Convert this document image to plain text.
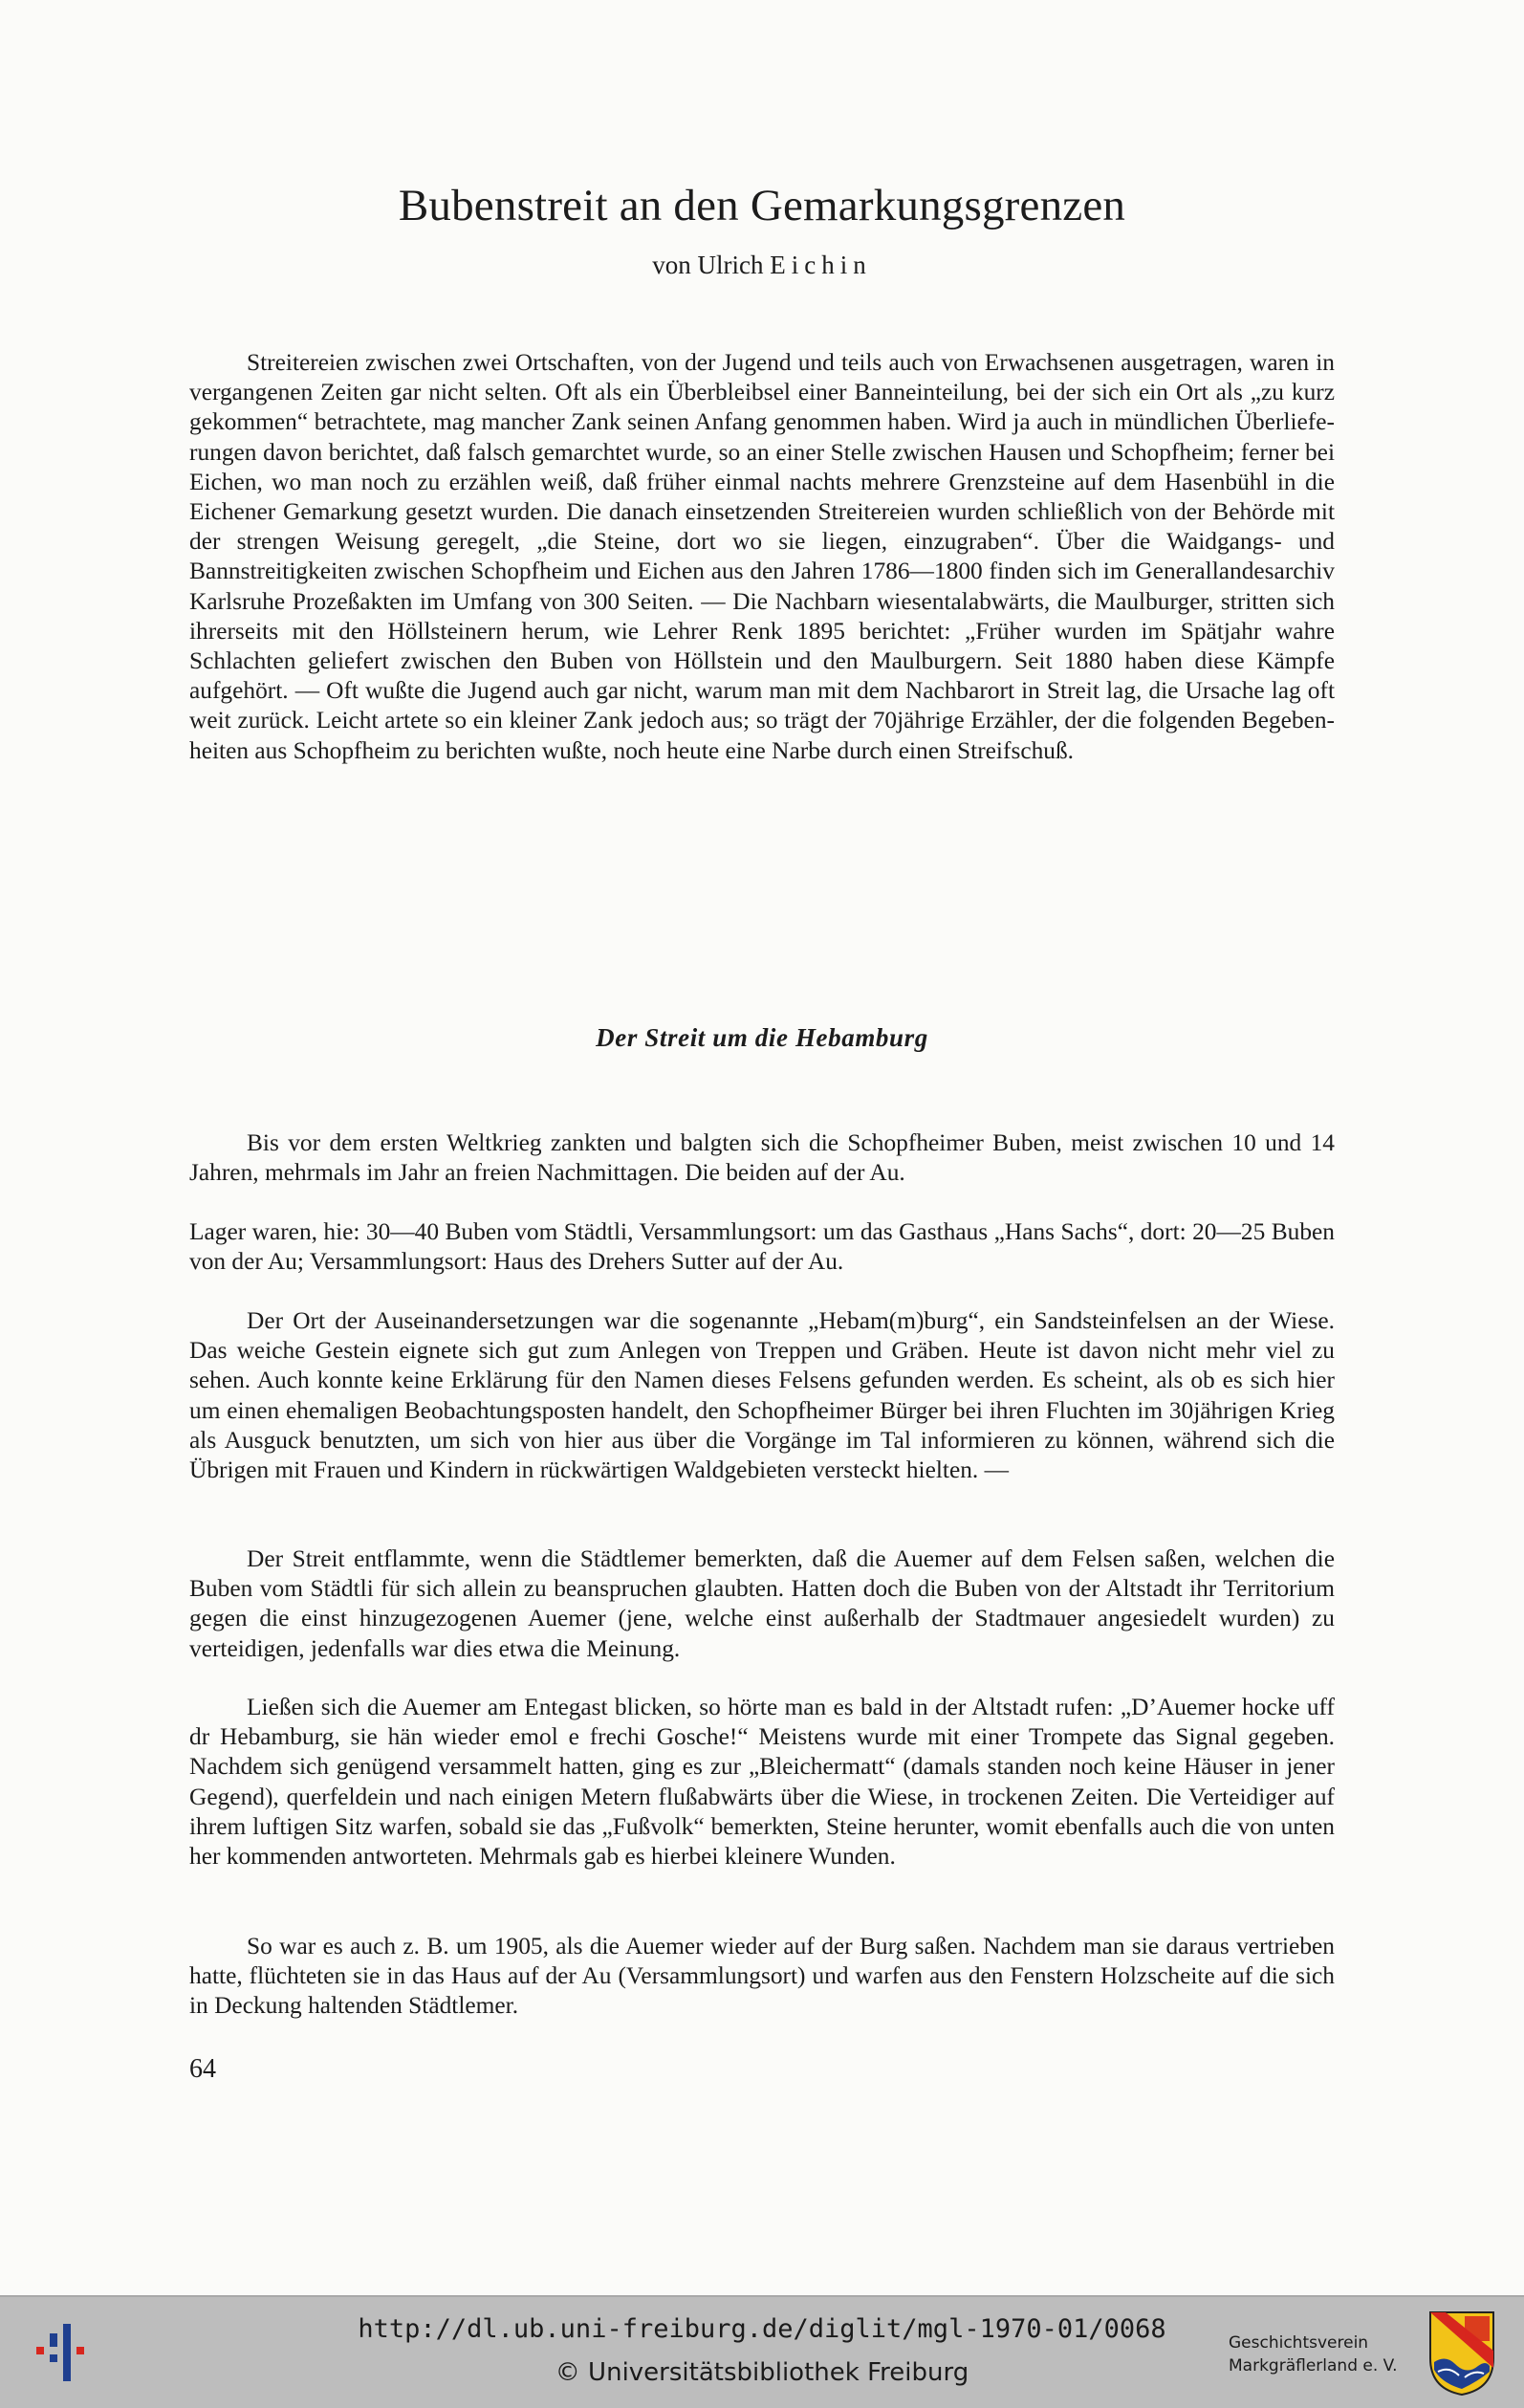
Bubenstreit an den Gemarkungsgrenzen
von Ulrich Eichin

Streitereien zwischen zwei Ortschaften, von der Jugend und teils auch von Erwachsenen ausgetragen, waren in vergangenen Zeiten gar nicht selten. Oft als ein Überbleibsel einer Banneinteilung, bei der sich ein Ort als „zu kurz gekommen“ betrachtete, mag mancher Zank seinen Anfang genommen haben. Wird ja auch in mündlichen Überlieferungen davon berichtet, daß falsch gemarchtet wurde, so an einer Stelle zwischen Hausen und Schopfheim; ferner bei Eichen, wo man noch zu erzählen weiß, daß früher einmal nachts mehrere Grenzsteine auf dem Hasenbühl in die Eichener Gemarkung gesetzt wurden. Die danach einsetzenden Streitereien wurden schließlich von der Behörde mit der strengen Weisung geregelt, „die Steine, dort wo sie liegen, einzugraben“. Über die Waidgangs- und Bannstreitigkeiten zwischen Schopfheim und Eichen aus den Jahren 1786—1800 finden sich im Generallandesarchiv Karlsruhe Prozeßakten im Umfang von 300 Seiten. — Die Nachbarn wiesentalabwärts, die Maulburger, stritten sich ihrerseits mit den Höllsteinern herum, wie Lehrer Renk 1895 berichtet: „Früher wurden im Spätjahr wahre Schlachten geliefert zwischen den Buben von Höllstein und den Maulburgern. Seit 1880 haben diese Kämpfe aufgehört. — Oft wußte die Jugend auch gar nicht, warum man mit dem Nachbarort in Streit lag, die Ursache lag oft weit zurück. Leicht artete so ein kleiner Zank jedoch aus; so trägt der 70jährige Erzähler, der die folgenden Begebenheiten aus Schopfheim zu berichten wußte, noch heute eine Narbe durch einen Streifschuß.

Der Streit um die Hebamburg

Bis vor dem ersten Weltkrieg zankten und balgten sich die Schopfheimer Buben, meist zwischen 10 und 14 Jahren, mehrmals im Jahr an freien Nachmittagen. Die beiden auf der Au.

Lager waren, hie: 30—40 Buben vom Städtli, Versammlungsort: um das Gasthaus „Hans Sachs“, dort: 20—25 Buben von der Au; Versammlungsort: Haus des Drehers Sutter auf der Au.

Der Ort der Auseinandersetzungen war die sogenannte „Hebam(m)burg“, ein Sandsteinfelsen an der Wiese. Das weiche Gestein eignete sich gut zum Anlegen von Treppen und Gräben. Heute ist davon nicht mehr viel zu sehen. Auch konnte keine Erklärung für den Namen dieses Felsens gefunden werden. Es scheint, als ob es sich hier um einen ehemaligen Beobachtungsposten handelt, den Schopfheimer Bürger bei ihren Fluchten im 30jährigen Krieg als Ausguck benutzten, um sich von hier aus über die Vorgänge im Tal informieren zu können, während sich die Übrigen mit Frauen und Kindern in rückwärtigen Waldgebieten versteckt hielten. —

Der Streit entflammte, wenn die Städtlemer bemerkten, daß die Auemer auf dem Felsen saßen, welchen die Buben vom Städtli für sich allein zu beanspruchen glaubten. Hatten doch die Buben von der Altstadt ihr Territorium gegen die einst hinzugezogenen Auemer (jene, welche einst außerhalb der Stadtmauer angesiedelt wurden) zu verteidigen, jedenfalls war dies etwa die Meinung.

Ließen sich die Auemer am Entegast blicken, so hörte man es bald in der Altstadt rufen: „D’Auemer hocke uff dr Hebamburg, sie hän wieder emol e frechi Gosche!“ Meistens wurde mit einer Trompete das Signal gegeben. Nachdem sich genügend versammelt hatten, ging es zur „Bleichermatt“ (damals standen noch keine Häuser in jener Gegend), querfeldein und nach einigen Metern flußabwärts über die Wiese, in trockenen Zeiten. Die Verteidiger auf ihrem luftigen Sitz warfen, sobald sie das „Fußvolk“ bemerkten, Steine herunter, womit ebenfalls auch die von unten her kommenden antworteten. Mehrmals gab es hierbei kleinere Wunden.

So war es auch z. B. um 1905, als die Auemer wieder auf der Burg saßen. Nachdem man sie daraus vertrieben hatte, flüchteten sie in das Haus auf der Au (Versammlungsort) und warfen aus den Fenstern Holzscheite auf die sich in Deckung haltenden Städtlemer.

64
http://dl.ub.uni-freiburg.de/diglit/mgl-1970-01/0068
© Universitätsbibliothek Freiburg
Geschichtsverein
Markgräflerland e. V.
